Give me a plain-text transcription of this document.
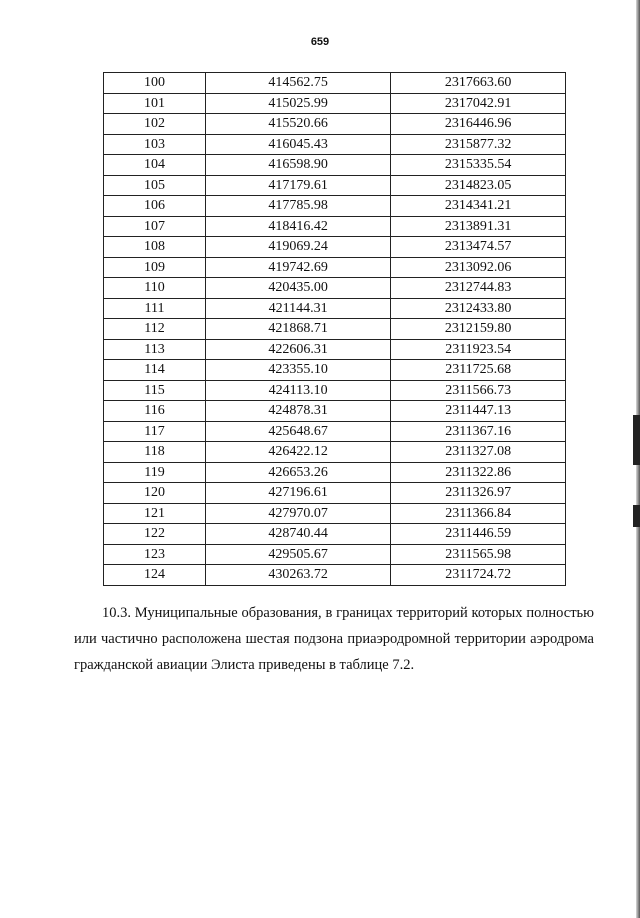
659
100	414562.75	2317663.60
101	415025.99	2317042.91
102	415520.66	2316446.96
103	416045.43	2315877.32
104	416598.90	2315335.54
105	417179.61	2314823.05
106	417785.98	2314341.21
107	418416.42	2313891.31
108	419069.24	2313474.57
109	419742.69	2313092.06
110	420435.00	2312744.83
111	421144.31	2312433.80
112	421868.71	2312159.80
113	422606.31	2311923.54
114	423355.10	2311725.68
115	424113.10	2311566.73
116	424878.31	2311447.13
117	425648.67	2311367.16
118	426422.12	2311327.08
119	426653.26	2311322.86
120	427196.61	2311326.97
121	427970.07	2311366.84
122	428740.44	2311446.59
123	429505.67	2311565.98
124	430263.72	2311724.72
10.3. Муниципальные образования, в границах территорий которых полностью или частично расположена шестая подзона приаэродромной территории аэродрома гражданской авиации Элиста приведены в таблице 7.2.
